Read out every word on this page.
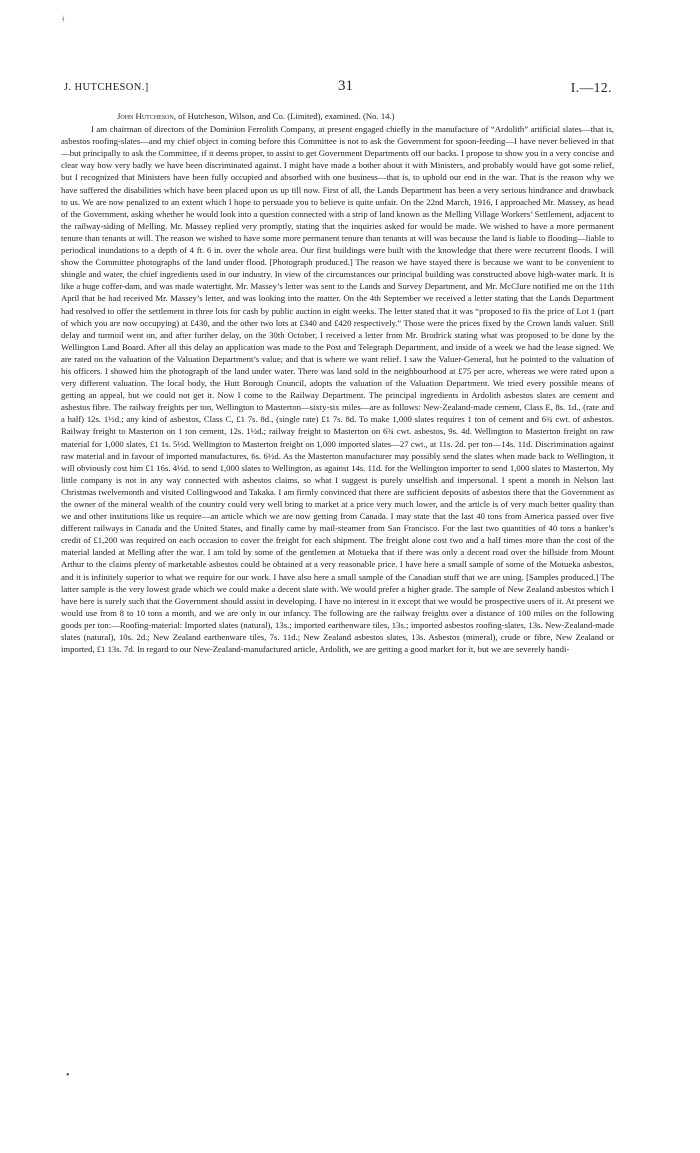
ǂ
J. HUTCHESON.]	31	I.—12.

John Hutcheson, of Hutcheson, Wilson, and Co. (Limited), examined. (No. 14.)

I am chairman of directors of the Dominion Ferrolith Company, at present engaged chiefly in the manufacture of “Ardolith” artificial slates—that is, asbestos roofing-slates—and my chief object in coming before this Committee is not to ask the Government for spoon-feeding—I have never believed in that—but principally to ask the Committee, if it deems proper, to assist to get Government Departments off our backs. I propose to show you in a very concise and clear way how very badly we have been discriminated against. I might have made a bother about it with Ministers, and probably would have got some relief, but I recognized that Ministers have been fully occupied and absorbed with one business—that is, to uphold our end in the war. That is the reason why we have suffered the disabilities which have been placed upon us up till now. First of all, the Lands Department has been a very serious hindrance and drawback to us. We are now penalized to an extent which I hope to persuade you to believe is quite unfair. On the 22nd March, 1916, I approached Mr. Massey, as head of the Government, asking whether he would look into a question connected with a strip of land known as the Melling Village Workers’ Settlement, adjacent to the railway-siding of Melling. Mr. Massey replied very promptly, stating that the inquiries asked for would be made. We wished to have a more permanent tenure than tenants at will. The reason we wished to have some more permanent tenure than tenants at will was because the land is liable to flooding—liable to periodical inundations to a depth of 4 ft. 6 in. over the whole area. Our first buildings were built with the knowledge that there were recurrent floods. I will show the Committee photographs of the land under flood. [Photograph produced.] The reason we have stayed there is because we want to be convenient to shingle and water, the chief ingredients used in our industry. In view of the circumstances our principal building was constructed above high-water mark. It is like a huge coffer-dam, and was made watertight. Mr. Massey’s letter was sent to the Lands and Survey Department, and Mr. McClure notified me on the 11th April that he had received Mr. Massey’s letter, and was looking into the matter. On the 4th September we received a letter stating that the Lands Department had resolved to offer the settlement in three lots for cash by public auction in eight weeks. The letter stated that it was “proposed to fix the price of Lot 1 (part of which you are now occupying) at £430, and the other two lots at £340 and £420 respectively.” Those were the prices fixed by the Crown lands valuer. Still delay and turmoil went on, and after further delay, on the 30th October, I received a letter from Mr. Brodrick stating what was proposed to be done by the Wellington Land Board. After all this delay an application was made to the Post and Telegraph Department, and inside of a week we had the lease signed. We are rated on the valuation of the Valuation Department’s value; and that is where we want relief. I saw the Valuer-General, but he pointed to the valuation of his officers. I showed him the photograph of the land under water. There was land sold in the neighbourhood at £75 per acre, whereas we were rated upon a very different valuation. The local body, the Hutt Borough Council, adopts the valuation of the Valuation Department. We tried every possible means of getting an appeal, but we could not get it. Now I come to the Railway Department. The principal ingredients in Ardolith asbestos slates are cement and asbestos fibre. The railway freights per ton, Wellington to Masterton—sixty-six miles—are as follows: New-Zealand-made cement, Class E, 8s. 1d., (rate and a half) 12s. 1½d.; any kind of asbestos, Class C, £1 7s. 8d., (single rate) £1 7s. 8d. To make 1,000 slates requires 1 ton of cement and 6¾ cwt. of asbestos. Railway freight to Masterton on 1 ton cement, 12s. 1½d.; railway freight to Masterton on 6¾ cwt. asbestos, 9s. 4d. Wellington to Masterton freight on raw material for 1,000 slates, £1 1s. 5½d. Wellington to Masterton freight on 1,000 imported slates—27 cwt., at 11s. 2d. per ton—14s. 11d. Discrimination against raw material and in favour of imported manufactures, 6s. 6½d. As the Masterton manufacturer may possibly send the slates when made back to Wellington, it will obviously cost him £1 16s. 4½d. to send 1,000 slates to Wellington, as against 14s. 11d. for the Wellington importer to send 1,000 slates to Masterton. My little company is not in any way connected with asbestos claims, so what I suggest is purely unselfish and impersonal. I spent a month in Nelson last Christmas twelvemonth and visited Collingwood and Takaka. I am firmly convinced that there are sufficient deposits of asbestos there that the Government as the owner of the mineral wealth of the country could very well bring to market at a price very much lower, and the article is of very much better quality than we and other institutions like us require—an article which we are now getting from Canada. I may state that the last 40 tons from America passed over five different railways in Canada and the United States, and finally came by mail-steamer from San Francisco. For the last two quantities of 40 tons a banker’s credit of £1,200 was required on each occasion to cover the freight for each shipment. The freight alone cost two and a half times more than the cost of the material landed at Melling after the war. I am told by some of the gentlemen at Motueka that if there was only a decent road over the hillside from Mount Arthur to the claims plenty of marketable asbestos could be obtained at a very reasonable price. I have here a small sample of some of the Motueka asbestos, and it is infinitely superior to what we require for our work. I have also here a small sample of the Canadian stuff that we are using. [Samples produced.] The latter sample is the very lowest grade which we could make a decent slate with. We would prefer a higher grade. The sample of New Zealand asbestos which I have here is surely such that the Government should assist in developing. I have no interest in it except that we would be prospective users of it. At present we would use from 8 to 10 tons a month, and we are only in our infancy. The following are the railway freights over a distance of 100 miles on the following goods per ton:—Roofing-material: Imported slates (natural), 13s.; imported earthenware tiles, 13s.; imported asbestos roofing-slates, 13s. New-Zealand-made slates (natural), 10s. 2d.; New Zealand earthenware tiles, 7s. 11d.; New Zealand asbestos slates, 13s. Asbestos (mineral), crude or fibre, New Zealand or imported, £1 13s. 7d. In regard to our New-Zealand-manufactured article, Ardolith, we are getting a good market for it, but we are severely handi-

•
